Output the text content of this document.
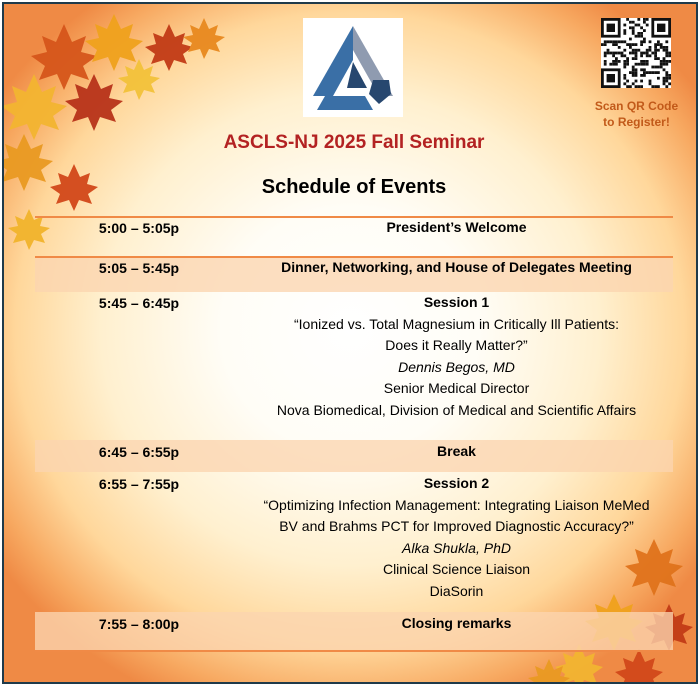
Scan QR Code
to Register!
ASCLS-NJ 2025 Fall Seminar
Schedule of Events
5:00 – 5:05p	President’s Welcome
5:05 – 5:45p	Dinner, Networking, and House of Delegates Meeting
5:45 – 6:45p	Session 1
“Ionized vs. Total Magnesium in Critically Ill Patients:
Does it Really Matter?”
Dennis Begos, MD
Senior Medical Director
Nova Biomedical, Division of Medical and Scientific Affairs
6:45 – 6:55p	Break
6:55 – 7:55p	Session 2
“Optimizing Infection Management: Integrating Liaison MeMed
BV and Brahms PCT for Improved Diagnostic Accuracy?”
Alka Shukla, PhD
Clinical Science Liaison
DiaSorin
7:55 – 8:00p	Closing remarks
